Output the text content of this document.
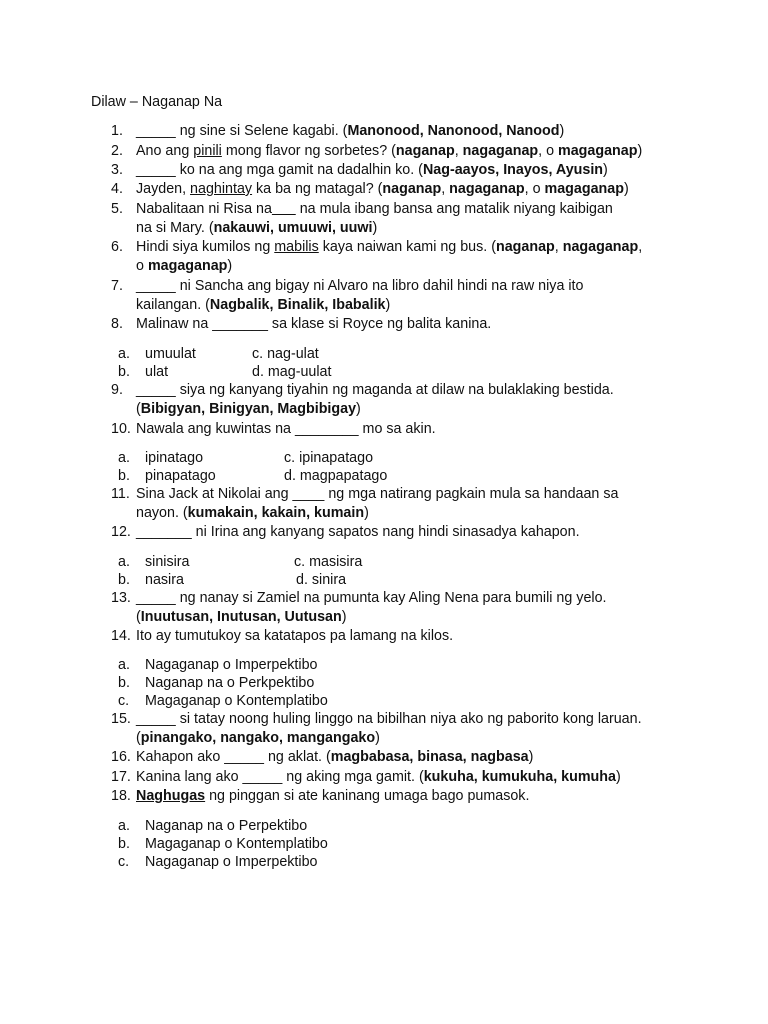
Dilaw – Naganap Na
1. _____ ng sine si Selene kagabi. (Manonood, Nanonood, Nanood)
2. Ano ang pinili mong flavor ng sorbetes? (naganap, nagaganap, o magaganap)
3. _____ ko na ang mga gamit na dadalhin ko. (Nag-aayos, Inayos, Ayusin)
4. Jayden, naghintay ka ba ng matagal? (naganap, nagaganap, o magaganap)
5. Nabalitaan ni Risa na       na mula ibang bansa ang matalik niyang kaibigan
na si Mary. (nakauwi, umuuwi, uuwi)
6. Hindi siya kumilos ng mabilis kaya naiwan kami ng bus. (naganap, nagaganap,
o magaganap)
7. _____ ni Sancha ang bigay ni Alvaro na libro dahil hindi na raw niya ito
kailangan. (Nagbalik, Binalik, Ibabalik)
8. Malinaw na _______ sa klase si Royce ng balita kanina.
a. umuulat	c. nag-ulat
b. ulat	d. mag-uulat
9. _____ siya ng kanyang tiyahin ng maganda at dilaw na bulaklaking bestida.
(Bibigyan, Binigyan, Magbibigay)
10. Nawala ang kuwintas na ________ mo sa akin.
a. ipinatago	c. ipinapatago
b. pinapatago	d. magpapatago
11. Sina Jack at Nikolai ang ____ ng mga natirang pagkain mula sa handaan sa
nayon. (kumakain, kakain, kumain)
12. _______ ni Irina ang kanyang sapatos nang hindi sinasadya kahapon.
a. sinisira	c. masisira
b. nasira	d. sinira
13. _____ ng nanay si Zamiel na pumunta kay Aling Nena para bumili ng yelo.
(Inuutusan, Inutusan, Uutusan)
14. Ito ay tumutukoy sa katatapos pa lamang na kilos.
a. Nagaganap o Imperpektibo
b. Naganap na o Perkpektibo
c. Magaganap o Kontemplatibo
15. _____ si tatay noong huling linggo na bibilhan niya ako ng paborito kong laruan.
(pinangako, nangako, mangangako)
16. Kahapon ako _____ ng aklat. (magbabasa, binasa, nagbasa)
17. Kanina lang ako _____ ng aking mga gamit. (kukuha, kumukuha, kumuha)
18. Naghugas ng pinggan si ate kaninang umaga bago pumasok.
a. Naganap na o Perpektibo
b. Magaganap o Kontemplatibo
c. Nagaganap o Imperpektibo
